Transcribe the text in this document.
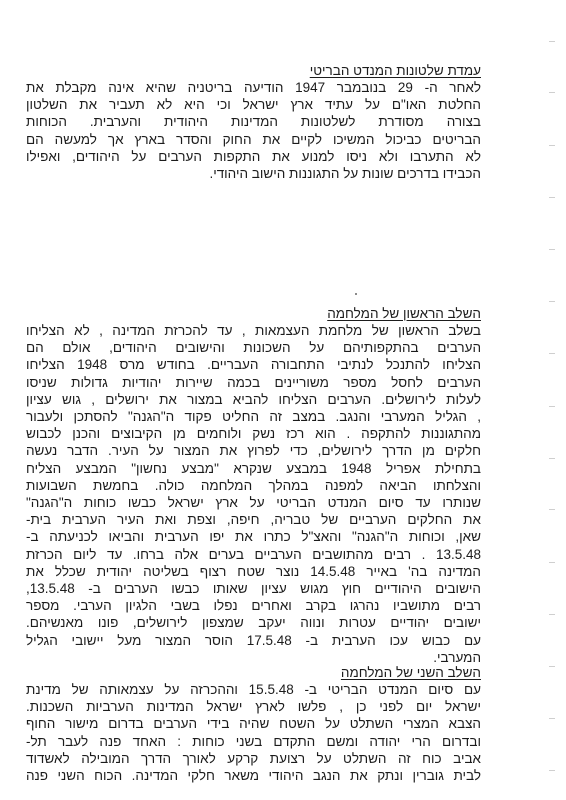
עמדת שלטונות המנדט הבריטי
לאחר ה- 29 בנובמבר 1947 הודיעה בריטניה שהיא אינה מקבלת את
החלטת האו"ם על עתיד ארץ ישראל וכי היא לא תעביר את השלטון
בצורה מסודרת לשלטונות המדינות היהודית והערבית. הכוחות
הבריטים כביכול המשיכו לקיים את החוק והסדר בארץ אך למעשה הם
לא התערבו ולא ניסו למנוע את התקפות הערבים על היהודים, ואפילו
הכבידו בדרכים שונות על התגוננות הישוב היהודי.
השלב הראשון של המלחמה
בשלב הראשון של מלחמת העצמאות , עד להכרזת המדינה , לא הצליחו
הערבים בהתקפותיהם על השכונות והישובים היהודים, אולם הם
הצליחו להתנכל לנתיבי התחבורה העבריים. בחודש מרס 1948 הצליחו
הערבים לחסל מספר משוריינים בכמה שיירות יהודיות גדולות שניסו
לעלות לירושלים. הערבים הצליחו להביא במצור את ירושלים , גוש עציון
, הגליל המערבי והנגב. במצב זה החליט פקוד ה"הגנה" להסתכן ולעבור
מהתגוננות להתקפה . הוא רכז נשק ולוחמים מן הקיבוצים והכנן לכבוש
חלקים מן הדרך לירושלים, כדי לפרוץ את המצור על העיר. הדבר נעשה
בתחילת אפריל 1948 במבצע שנקרא "מבצע נחשון" המבצע הצליח
והצלחתו הביאה למפנה במהלך המלחמה כולה. בחמשת השבועות
שנותרו עד סיום המנדט הבריטי על ארץ ישראל כבשו כוחות ה"הגנה"
את החלקים הערביים של טבריה, חיפה, וצפת ואת העיר הערבית בית-
שאן, וכוחות ה"הגנה" והאצ"ל כתרו את יפו הערבית והביאו לכניעתה ב-
13.5.48 . רבים מהתושבים הערביים בערים אלה ברחו. עד ליום הכרזת
המדינה בה' באייר 14.5.48 נוצר שטח רצוף בשליטה יהודית שכלל את
הישובים היהודיים חוץ מגוש עציון שאותו כבשו הערבים ב- 13.5.48,
רבים מתושביו נהרגו בקרב ואחרים נפלו בשבי הלגיון הערבי. מספר
ישובים יהודיים עטרות ונווה יעקב שמצפון לירושלים, פונו מאנשיהם.
עם כבוש עכו הערבית ב- 17.5.48 הוסר המצור מעל יישובי הגליל
המערבי.
השלב השני של המלחמה
עם סיום המנדט הבריטי ב- 15.5.48 וההכרזה על עצמאותה של מדינת
ישראל יום לפני כן , פלשו לארץ ישראל המדינות הערביות השכנות.
הצבא המצרי השתלט על השטח שהיה בידי הערבים בדרום מישור החוף
ובדרום הרי יהודה ומשם התקדם בשני כוחות : האחד פנה לעבר תל-
אביב כוח זה השתלט על רצועת קרקע לאורך הדרך המובילה לאשדוד
לבית גוברין ונתק את הנגב היהודי משאר חלקי המדינה. הכוח השני פנה
